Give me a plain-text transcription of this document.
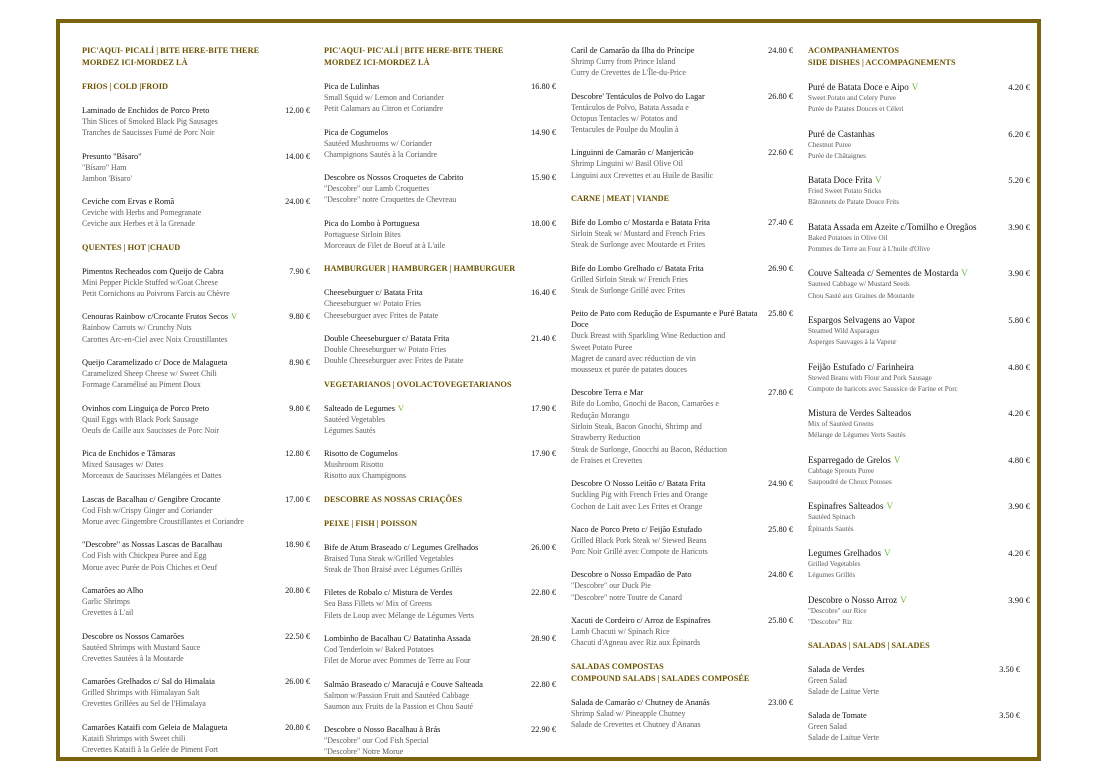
PIC'AQUI- PICALÍ | BITE HERE-BITE THERE
MORDEZ ICI-MORDEZ LÀ
FRIOS | COLD |FROID
Laminado de Enchidos de Porco Preto	12.00 €
Thin Slices of Smoked Black Pig Sausages
Tranches de Saucisses Fumé de Porc Noir
Presunto "Bísaro"	14.00 €
"Bísaro" Ham
Jambon 'Bisaro'
Ceviche com Ervas e Romã	24.00 €
Ceviche with Herbs and Pomegranate
Ceviche aux Herbes et à la Grenade
QUENTES | HOT |CHAUD
Pimentos Recheados com Queijo de Cabra	7.90 €
Mini Pepper Pickle Stuffed w/Goat Cheese
Petit Cornichons au Poivrons Farcis au Chèvre
Cenouras Rainbow c/Crocante Frutos Secos V	9.80 €
Rainbow Carrots w/ Crunchy Nuts
Carottes Arc-en-Ciel avec Noix Croustillantes
Queijo Caramelizado c/ Doce de Malagueta	8.90 €
Caramelized Sheep Cheese w/ Sweet Chili
Formage Caramélisé au Piment Doux
Ovinhos com Linguiça de Porco Preto	9.80 €
Quail Eggs with Black Pork Sausage
Oeufs de Caille aux Saucisses de Porc Noir
Pica de Enchidos e Tâmaras	12.80 €
Mixed Sausages w/ Dates
Morceaux de Saucisses Mélangées et Dattes
Lascas de Bacalhau c/ Gengibre Crocante	17.00 €
Cod Fish w/Crispy Ginger and Coriander
Morue avec Gingembre Croustillantes et Coriandre
"Descobre" as Nossas Lascas de Bacalhau	18.90 €
Cod Fish with Chickpea Puree and Egg
Morue avec Purée de Pois Chiches et Oeuf
Camarões ao Alho	20.80 €
Garlic Shrimps
Crevettes à L'ail
Descobre os Nossos Camarões	22.50 €
Sautéed Shrimps with Mustard Sauce
Crevettes Sautées à la Moutarde
Camarões Grelhados c/ Sal do Himalaia	26.00 €
Grilled Shrimps with Himalayan Salt
Crevettes Grillées au Sel de l'Himalaya
Camarões Kataifi com Geleia de Malagueta	20.80 €
Kataifi Shrimps with Sweet chili
Crevettes Kataifi à la Gelée de Piment Fort
PIC'AQUI- PIC'ALÍ | BITE HERE-BITE THERE
MORDEZ ICI-MORDEZ LÀ
Pica de Lulinhas	16.80 €
Small Squid w/ Lemon and Coriander
Petit Calamars au Citron et Coriandre
Pica de Cogumelos	14.90 €
Sautéed Mushrooms w/ Coriander
Champignons Sautés à la Coriandre
Descobre os Nossos Croquetes de Cabrito	15.90 €
"Descobre" our Lamb Croquettes
"Descobre" notre Croquettes de Chevreau
Pica do Lombo à Portuguesa	18.00 €
Portuguese Sirloin Bites
Morceaux de Filet de Boeuf at à L'aile
HAMBURGUER | HAMBURGER | HAMBURGUER
Cheeseburguer c/ Batata Frita	16.40 €
Cheeseburguer w/ Potato Fries
Cheeseburguer avec Frites de Patate
Double Cheeseburguer c/ Batata Frita	21.40 €
Double Cheeseburguer w/ Potato Fries
Double Cheeseburguer avec Frites de Patate
VEGETARIANOS | OVOLACTOVEGETARIANOS
Salteado de Legumes V	17.90 €
Sautéed Vegetables
Légumes Sautés
Risotto de Cogumelos	17.90 €
Mushroom Risotto
Risotto aux Champignons
DESCOBRE AS NOSSAS CRIAÇÕES
PEIXE | FISH | POISSON
Bife de Atum Braseado c/ Legumes Grelhados	26.00 €
Braised Tuna Steak w/Grilled Vegetables
Steak de Thon Braisé avec Légumes Grillés
Filetes de Robalo c/ Mistura de Verdes	22.80 €
Sea Bass Fillets w/ Mix of Greens
Filets de Loup avec Mélange de Légumes Verts
Lombinho de Bacalhau C/ Batatinha Assada	28.90 €
Cod Tenderloin w/ Baked Potatoes
Filet de Morue avec Pommes de Terre au Four
Salmão Braseado c/ Maracujá e Couve Salteada	22.80 €
Salmon w/Passion Fruit and Sautéed Cabbage
Saumon aux Fruits de la Passion et Chou Sauté
Descobre o Nosso Bacalhau à Brás	22.90 €
"Descobre" our Cod Fish Special
"Descobre" Notre Morue
Caril de Camarão da Ilha do Príncipe	24.80 €
Shrimp Curry from Prince Island
Curry de Crevettes de L'Île-du-Price
Descobre' Tentáculos de Polvo do Lagar	26.80 €
Tentáculos de Polvo, Batata Assada e
Octopus Tentacles w/ Potatos and
Tentacules de Poulpe du Moulin à
Linguinni de Camarão c/ Manjericão	22.60 €
Shrimp Linguini w/ Basil Olive Oil
Linguini aux Crevettes et au Huile de Basilic
CARNE | MEAT | VIANDE
Bife do Lombo c/ Mostarda e Batata Frita	27.40 €
Sirloin Steak w/ Mustard and French Fries
Steak de Surlonge avec Moutarde et Frites
Bife do Lombo Grelhado c/ Batata Frita	26.90 €
Grilled Sirloin Steak w/ French Fries
Steak de Surlonge Grillé avec Frites
Peito de Pato com Redução de Espumante e Puré Batata Doce
25.80 €
Duck Breast with Sparkling Wine Reduction and
Sweet Potato Puree
Magret de canard avec réduction de vin
mousseux et purée de patates douces
Descobre Terra e Mar	27.80 €
Bife do Lombo, Gnochi de Bacon, Camarões e
Redução Morango
Sirloin Steak, Bacon Gnochi, Shrimp and
Strawberry Reduction
Steak de Surlonge, Gnocchi au Bacon, Réduction
de Fraises et Crevettes
Descobre O Nosso Leitão c/ Batata Frita	24.90 €
Suckling Pig with French Fries and Orange
Cochon de Lait avec Les Frites et Orange
Naco de Porco Preto c/ Feijão Estufado	25.80 €
Grilled Black Pork Steak w/ Stewed Beans
Porc Noir Grillé avec Compote de Haricots
Descobre o Nosso Empadão de Pato	24.80 €
"Descobre" our Duck Pie
"Descobre" notre Toutre de Canard
Xacuti de Cordeiro c/ Arroz de Espinafres	25.80 €
Lamb Chacuti w/ Spinach Rice
Chacuti d'Agneau avec Riz aux Épinards
SALADAS COMPOSTAS
COMPOUND SALADS | SALADES COMPOSÉE
Salada de Camarão c/ Chutney de Ananás	23.00 €
Shrimp Salad w/ Pineapple Chutney
Salade de Crevettes et Chutney d'Ananas
ACOMPANHAMENTOS
SIDE DISHES | ACCOMPAGNEMENTS
Puré de Batata Doce e Aipo V	4.20 €
Sweet Potato and Celery Puree
Purée de Patates Douces et Céleri
Puré de Castanhas	6.20 €
Chestnut Puree
Purée de Châtaignes
Batata Doce Frita V	5.20 €
Fried Sweet Potato Sticks
Bâtonnets de Patate Douce Frits
Batata Assada em Azeite c/Tomilho e Oregãos	3.90 €
Baked Potatoes in Olive Oil
Pommes de Terre au Four à L'huile d'Olive
Couve Salteada c/ Sementes de Mostarda V	3.90 €
Sauteed Cabbage w/ Mustard Seeds
Chou Sauté aux Graines de Moutarde
Espargos Selvagens ao Vapor	5.80 €
Steamed Wild Asparagus
Asperges Sauvages à la Vapeur
Feijão Estufado c/ Farinheira	4.80 €
Stewed Beans with Flour and Pork Sausage
Compote de haricots avec Saussice de Farine et Porc
Mistura de Verdes Salteados	4.20 €
Mix of Sautéed Greens
Mélange de Légumes Verts Sautés
Esparregado de Grelos V	4.80 €
Cabbage Sprouts Puree
Saupoudré de Choux Pousses
Espinafres Salteados V	3.90 €
Sautéed Spinach
Épinards Sautés
Legumes Grelhados V	4.20 €
Grilled Vegetables
Légumes Grillés
Descobre o Nosso Arroz V	3.90 €
"Descobre" our Rice
"Descobre" Riz
SALADAS | SALADS | SALADES
Salada de Verdes	3.50 €
Green Salad
Salade de Laitue Verte
Salada de Tomate	3.50 €
Green Salad
Salade de Laitue Verte
